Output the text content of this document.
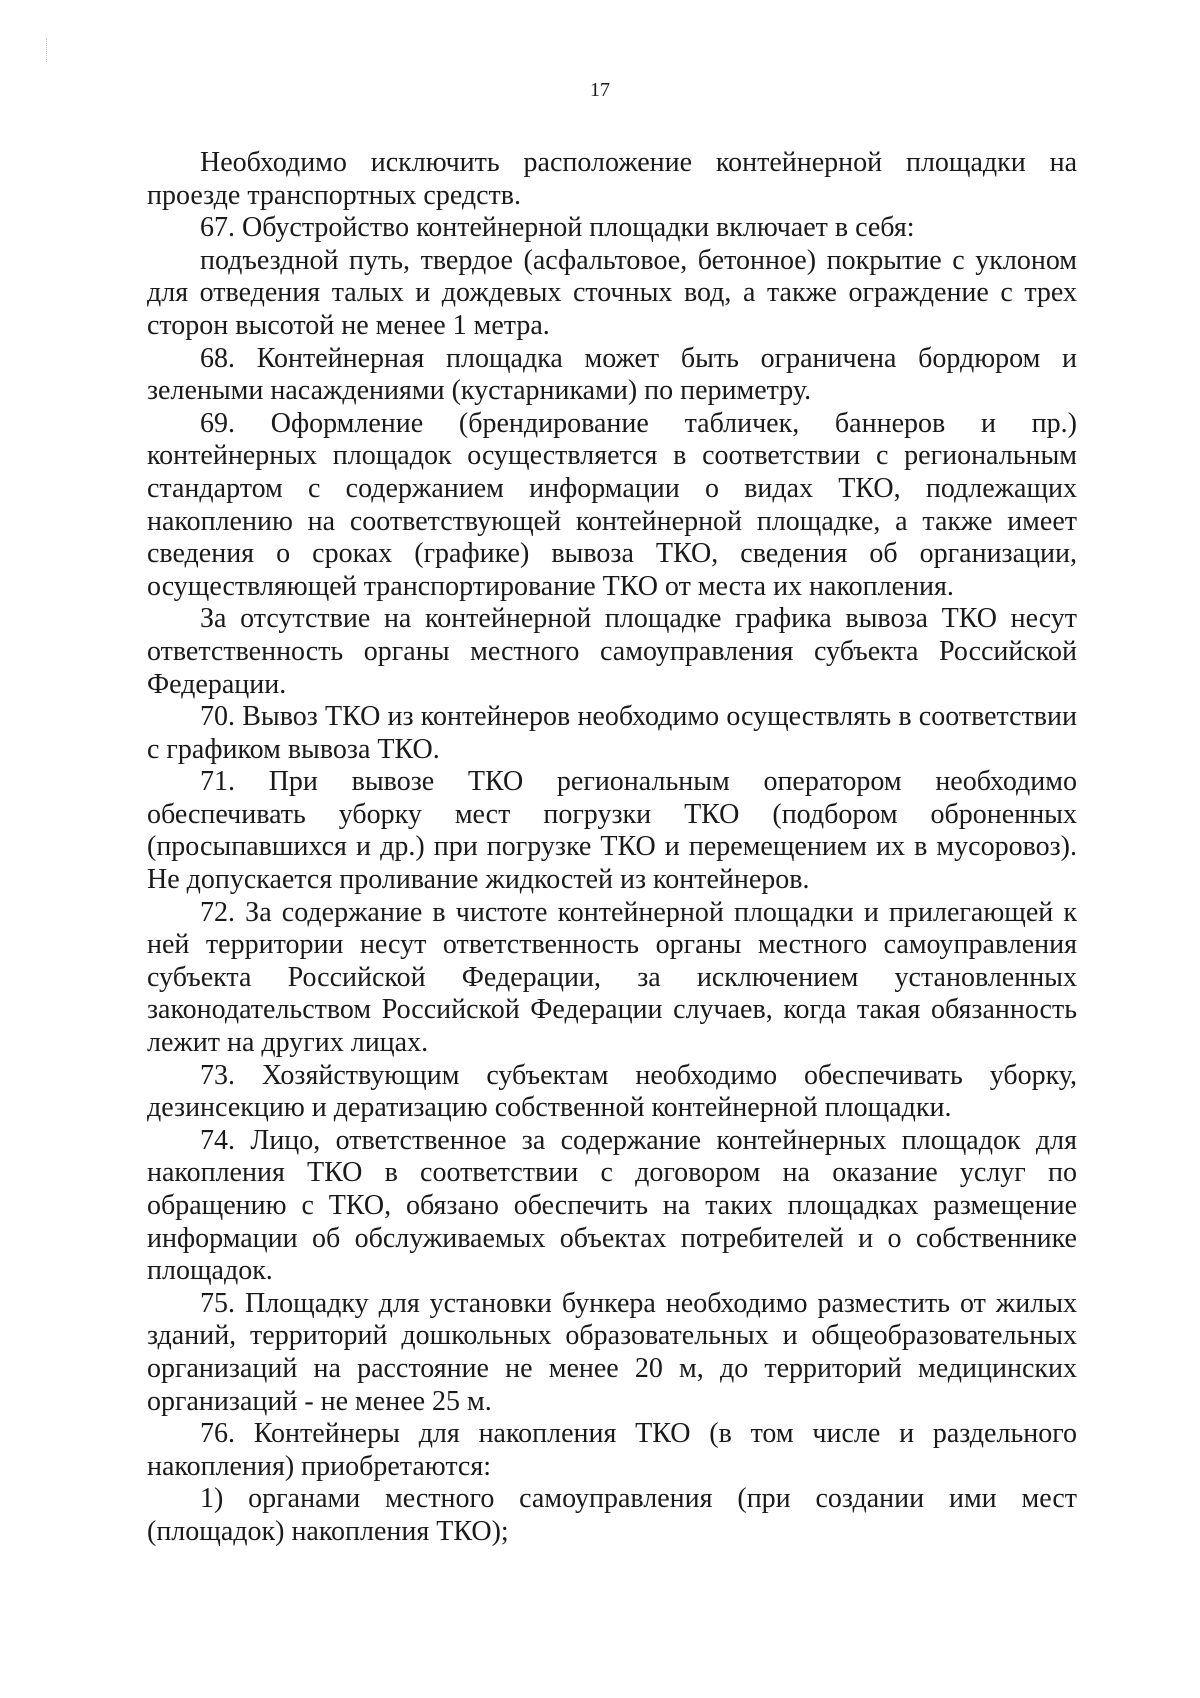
17

Необходимо исключить расположение контейнерной площадки на проезде транспортных средств.

67. Обустройство контейнерной площадки включает в себя:

подъездной путь, твердое (асфальтовое, бетонное) покрытие с уклоном для отведения талых и дождевых сточных вод, а также ограждение с трех сторон высотой не менее 1 метра.

68. Контейнерная площадка может быть ограничена бордюром и зелеными насаждениями (кустарниками) по периметру.

69. Оформление (брендирование табличек, баннеров и пр.) контейнерных площадок осуществляется в соответствии с региональным стандартом с содержанием информации о видах ТКО, подлежащих накоплению на соответствующей контейнерной площадке, а также имеет сведения о сроках (графике) вывоза ТКО, сведения об организации, осуществляющей транспортирование ТКО от места их накопления.

За отсутствие на контейнерной площадке графика вывоза ТКО несут ответственность органы местного самоуправления субъекта Российской Федерации.

70. Вывоз ТКО из контейнеров необходимо осуществлять в соответствии с графиком вывоза ТКО.

71. При вывозе ТКО региональным оператором необходимо обеспечивать уборку мест погрузки ТКО (подбором оброненных (просыпавшихся и др.) при погрузке ТКО и перемещением их в мусоровоз). Не допускается проливание жидкостей из контейнеров.

72. За содержание в чистоте контейнерной площадки и прилегающей к ней территории несут ответственность органы местного самоуправления субъекта Российской Федерации, за исключением установленных законодательством Российской Федерации случаев, когда такая обязанность лежит на других лицах.

73. Хозяйствующим субъектам необходимо обеспечивать уборку, дезинсекцию и дератизацию собственной контейнерной площадки.

74. Лицо, ответственное за содержание контейнерных площадок для накопления ТКО в соответствии с договором на оказание услуг по обращению с ТКО, обязано обеспечить на таких площадках размещение информации об обслуживаемых объектах потребителей и о собственнике площадок.

75. Площадку для установки бункера необходимо разместить от жилых зданий, территорий дошкольных образовательных и общеобразовательных организаций на расстояние не менее 20 м, до территорий медицинских организаций - не менее 25 м.

76. Контейнеры для накопления ТКО (в том числе и раздельного накопления) приобретаются:

1) органами местного самоуправления (при создании ими мест (площадок) накопления ТКО);
